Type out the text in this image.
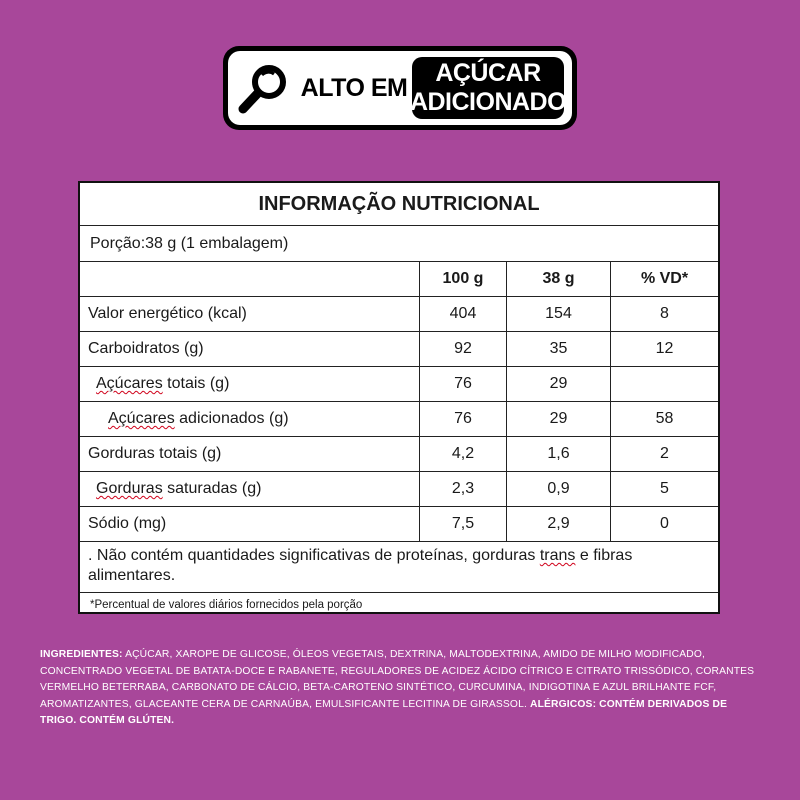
ALTO EM
AÇÚCAR
ADICIONADO
INFORMAÇÃO NUTRICIONAL
Porção:38 g (1 embalagem)
100 g	38 g	% VD*
Valor energético (kcal)	404	154	8
Carboidratos (g)	92	35	12
Açúcares totais (g)	76	29
Açúcares adicionados (g)	76	29	58
Gorduras totais (g)	4,2	1,6	2
Gorduras saturadas (g)	2,3	0,9	5
Sódio (mg)	7,5	2,9	0
. Não contém quantidades significativas de proteínas, gorduras trans e fibras alimentares.
*Percentual de valores diários fornecidos pela porção
INGREDIENTES: AÇÚCAR, XAROPE DE GLICOSE, ÓLEOS VEGETAIS, DEXTRINA, MALTODEXTRINA, AMIDO DE MILHO MODIFICADO, CONCENTRADO VEGETAL DE BATATA-DOCE E RABANETE, REGULADORES DE ACIDEZ ÁCIDO CÍTRICO E CITRATO TRISSÓDICO, CORANTES VERMELHO BETERRABA, CARBONATO DE CÁLCIO, BETA-CAROTENO SINTÉTICO, CURCUMINA, INDIGOTINA E AZUL BRILHANTE FCF, AROMATIZANTES, GLACEANTE CERA DE CARNAÚBA, EMULSIFICANTE LECITINA DE GIRASSOL. ALÉRGICOS: CONTÉM DERIVADOS DE TRIGO. CONTÉM GLÚTEN.
